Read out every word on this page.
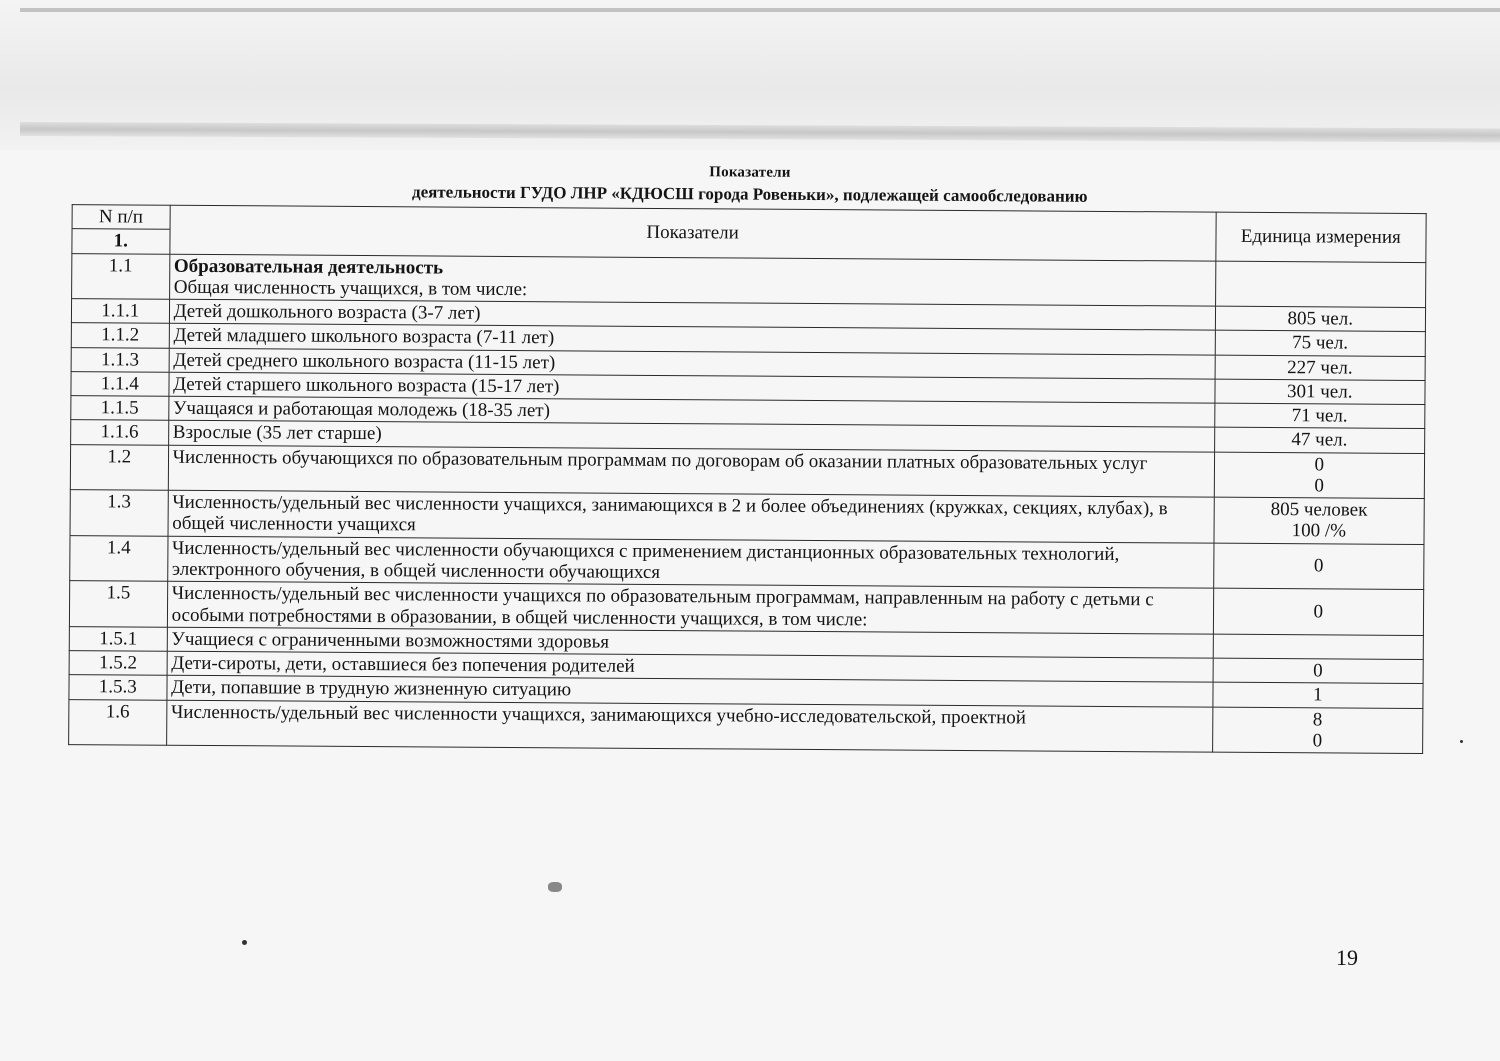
Показатели
деятельности ГУДО ЛНР «КДЮСШ города Ровеньки», подлежащей самообследованию
N п/п	Показатели	Единица измерения
1.		
1.1	Образовательная деятельность
Общая численность учащихся, в том числе:	

1.1.1	Детей дошкольного возраста (3-7 лет)	805 чел.
1.1.2	Детей младшего школьного возраста (7-11 лет)	75 чел.
1.1.3	Детей среднего школьного возраста (11-15 лет)	227 чел.
1.1.4	Детей старшего школьного возраста (15-17 лет)	301 чел.
1.1.5	Учащаяся и работающая молодежь (18-35 лет)	71 чел.
1.1.6	Взрослые (35 лет старше)	47 чел.
1.2	Численность обучающихся по образовательным программам по договорам об оказании платных образовательных услуг	0
0

1.3	Численность/удельный вес численности учащихся, занимающихся в 2 и более объединениях (кружках, секциях, клубах), в общей численности учащихся	805 человек
100 /%

1.4	Численность/удельный вес численности обучающихся с применением дистанционных образовательных технологий, электронного обучения, в общей численности обучающихся	0
1.5	Численность/удельный вес численности учащихся по образовательным программам, направленным на работу с детьми с особыми потребностями в образовании, в общей численности учащихся, в том числе:	0
1.5.1	Учащиеся с ограниченными возможностями здоровья	
1.5.2	Дети-сироты, дети, оставшиеся без попечения родителей	0
1.5.3	Дети, попавшие в трудную жизненную ситуацию	1
1.6	Численность/удельный вес численности учащихся, занимающихся учебно-исследовательской, проектной	8
0
19
